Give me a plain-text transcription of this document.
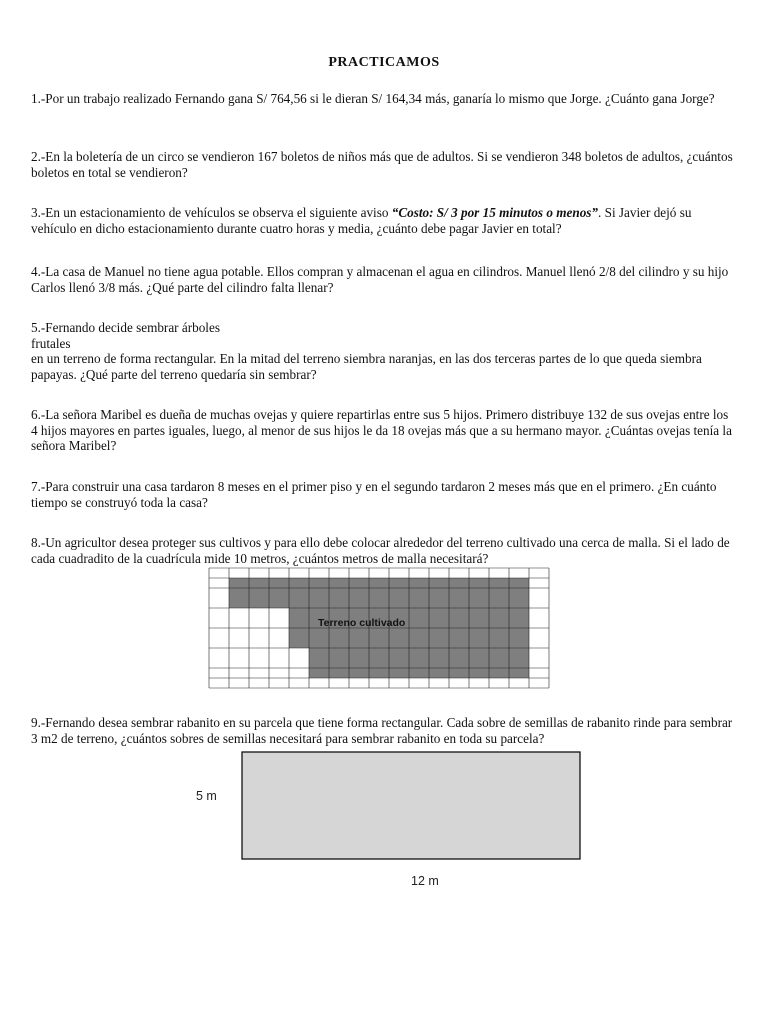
PRACTICAMOS

1.-Por un trabajo realizado Fernando gana S/ 764,56 si le dieran S/ 164,34 más, ganaría lo mismo que Jorge. ¿Cuánto gana Jorge?

2.-En la boletería de un circo se vendieron 167 boletos de niños más que de adultos. Si se vendieron 348 boletos de adultos, ¿cuántos boletos en total se vendieron?

3.-En un estacionamiento de vehículos se observa el siguiente aviso “Costo: S/ 3 por 15 minutos o menos”. Si Javier dejó su vehículo en dicho estacionamiento durante cuatro horas y media, ¿cuánto debe pagar Javier en total?

4.-La casa de Manuel no tiene agua potable. Ellos compran y almacenan el agua en cilindros. Manuel llenó 2/8 del cilindro y su hijo Carlos llenó 3/8 más. ¿Qué parte del cilindro falta llenar?

5.-Fernando decide sembrar árboles
frutales
en un terreno de forma rectangular. En la mitad del terreno siembra naranjas, en las dos terceras partes de lo que queda siembra papayas. ¿Qué parte del terreno quedaría sin sembrar?

6.-La señora Maribel es dueña de muchas ovejas y quiere repartirlas entre sus 5 hijos. Primero distribuye 132 de sus ovejas entre los 4 hijos mayores en partes iguales, luego, al menor de sus hijos le da 18 ovejas más que a su hermano mayor. ¿Cuántas ovejas tenía la señora Maribel?

7.-Para construir una casa tardaron 8 meses en el primer piso y en el segundo tardaron 2 meses más que en el primero. ¿En cuánto tiempo se construyó toda la casa?

8.-Un agricultor desea proteger sus cultivos y para ello debe colocar alrededor del terreno cultivado una cerca de malla. Si el lado de cada cuadradito de la cuadrícula mide 10 metros, ¿cuántos metros de malla necesitará?

Terreno cultivado

9.-Fernando desea sembrar rabanito en su parcela que tiene forma rectangular. Cada sobre de semillas de rabanito rinde para sembrar 3 m2 de terreno, ¿cuántos sobres de semillas necesitará para sembrar rabanito en toda su parcela?

5 m
12 m
